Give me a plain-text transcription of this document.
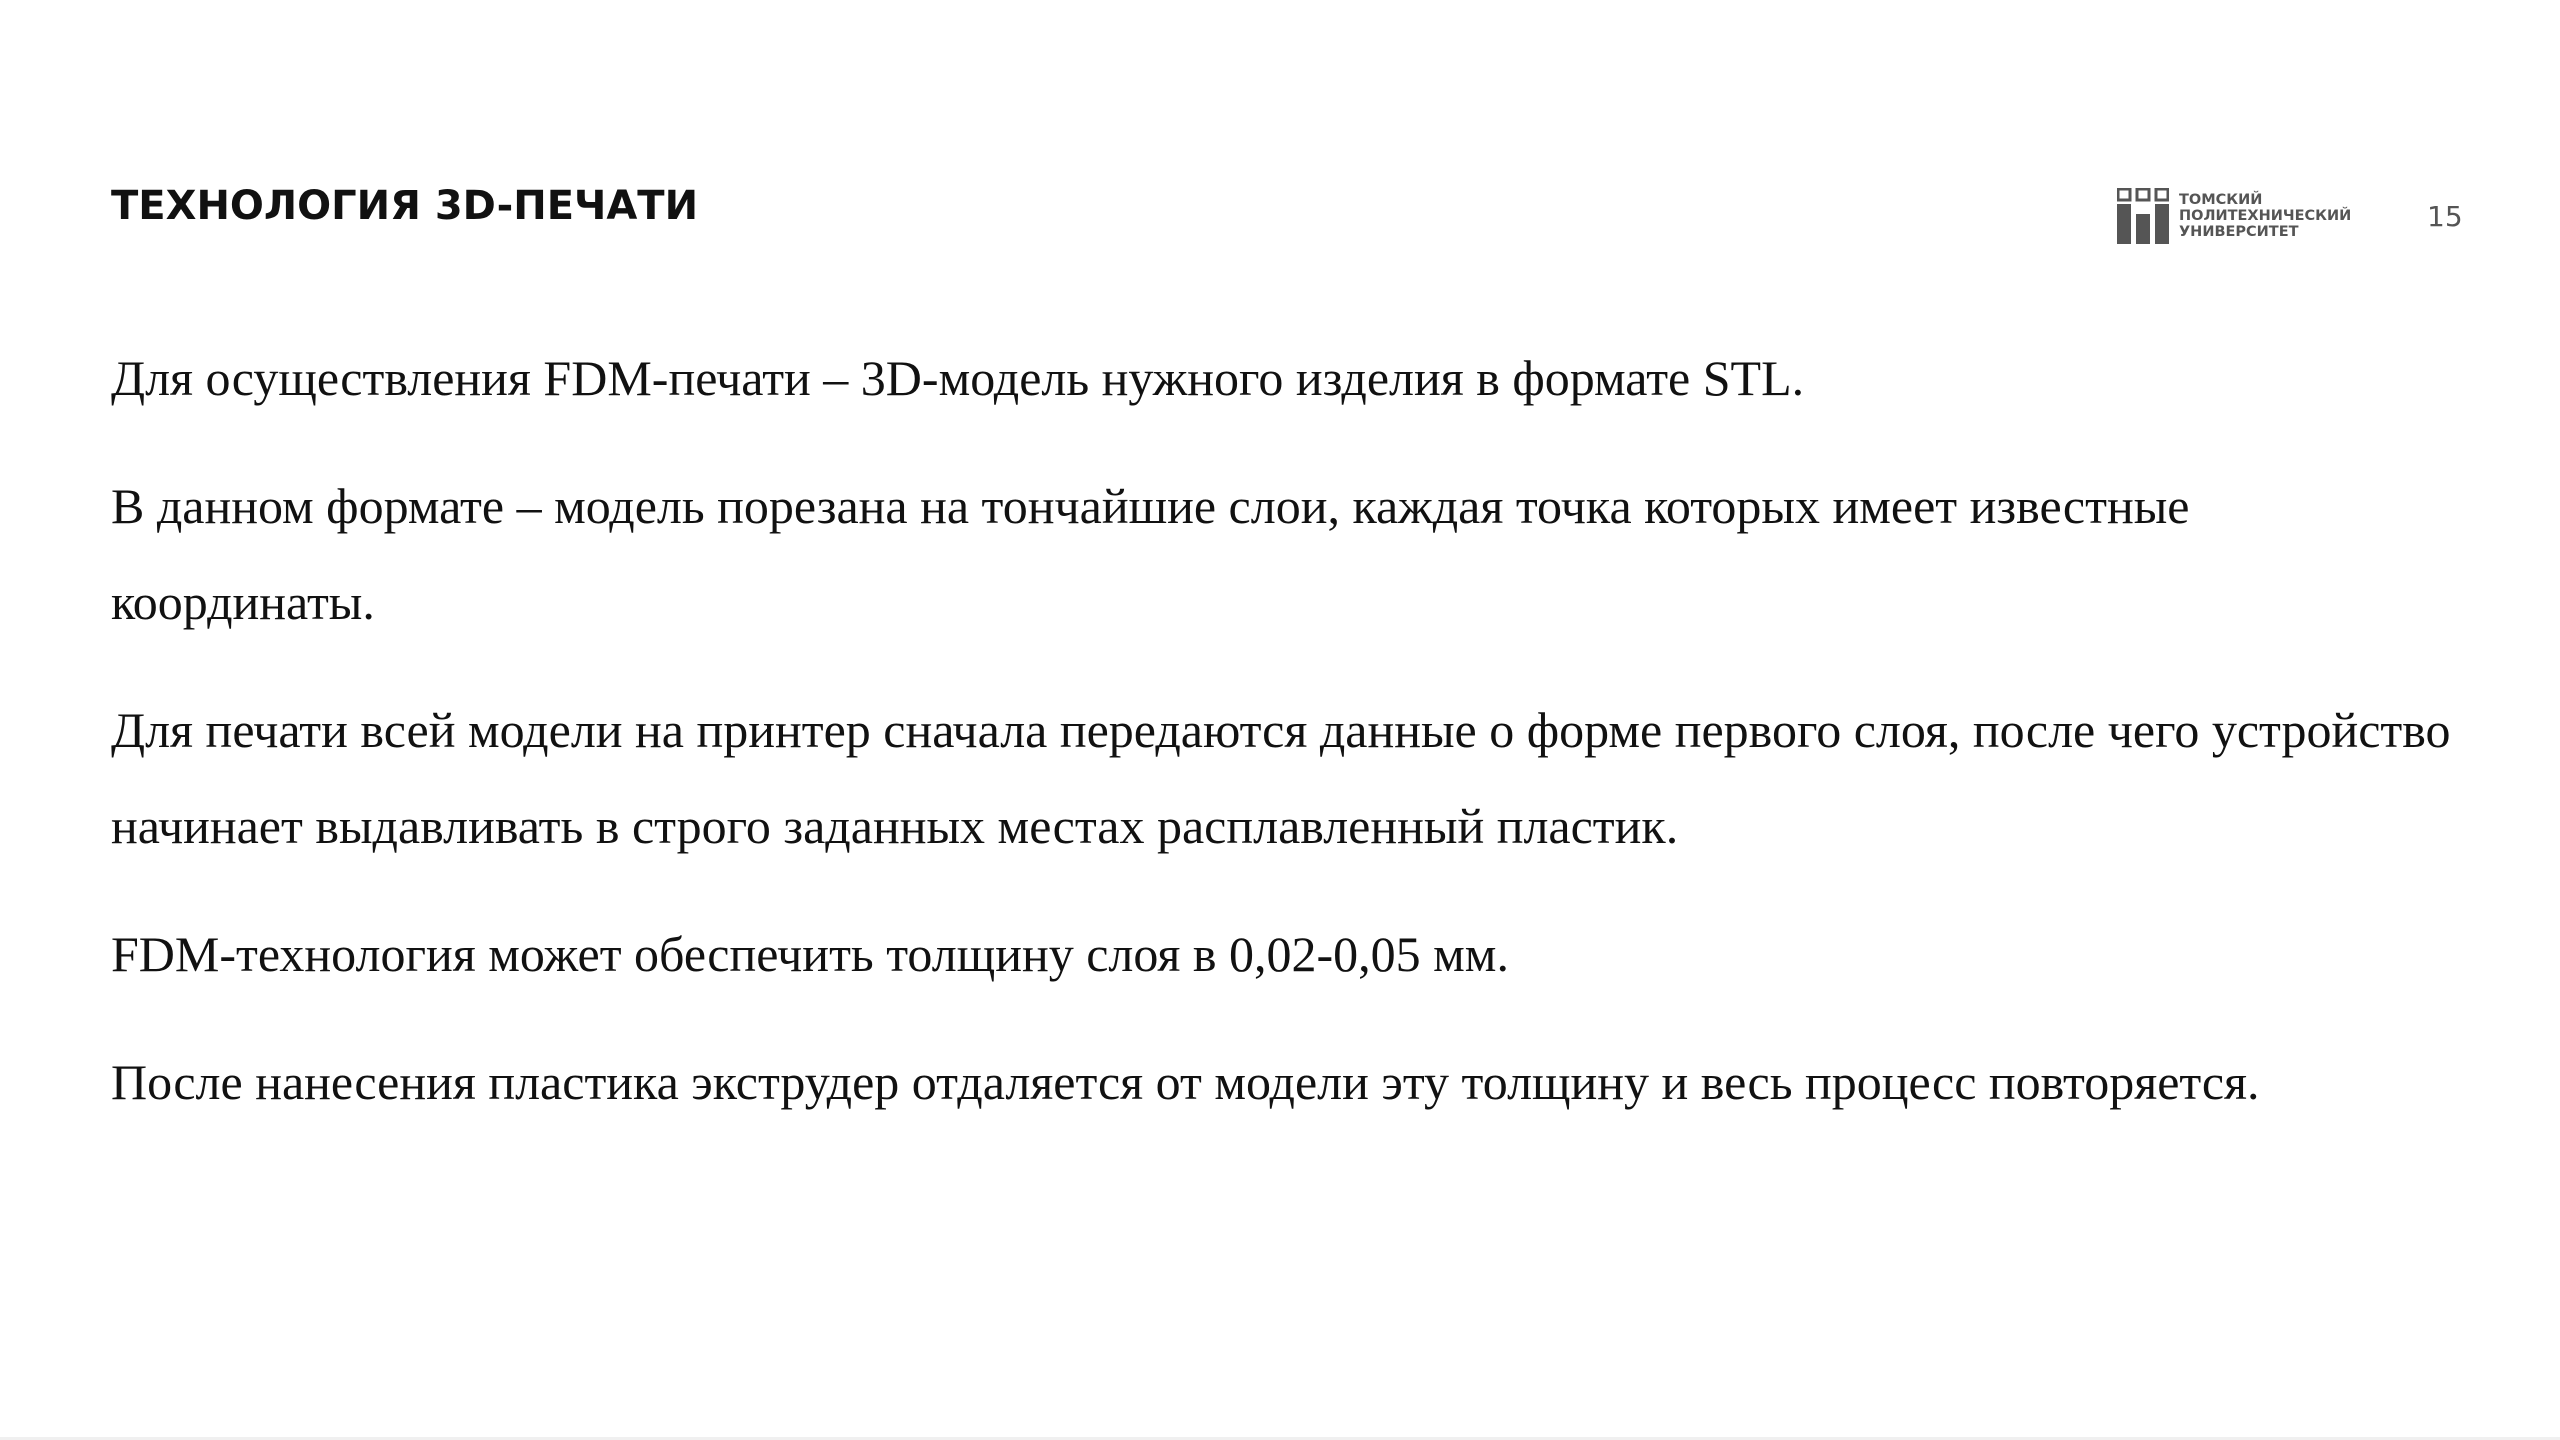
ТЕХНОЛОГИЯ 3D-ПЕЧАТИ	ТОМСКИЙ
ПОЛИТЕХНИЧЕСКИЙ
УНИВЕРСИТЕТ	15

Для осуществления FDM-печати – 3D-модель нужного изделия в формате STL.

В данном формате – модель порезана на тончайшие слои, каждая точка которых имеет известные координаты.

Для печати всей модели на принтер сначала передаются данные о форме первого слоя, после чего устройство начинает выдавливать в строго заданных местах расплавленный пластик.

FDM-технология может обеспечить толщину слоя в 0,02-0,05 мм.

После нанесения пластика экструдер отдаляется от модели эту толщину и весь процесс повторяется.
